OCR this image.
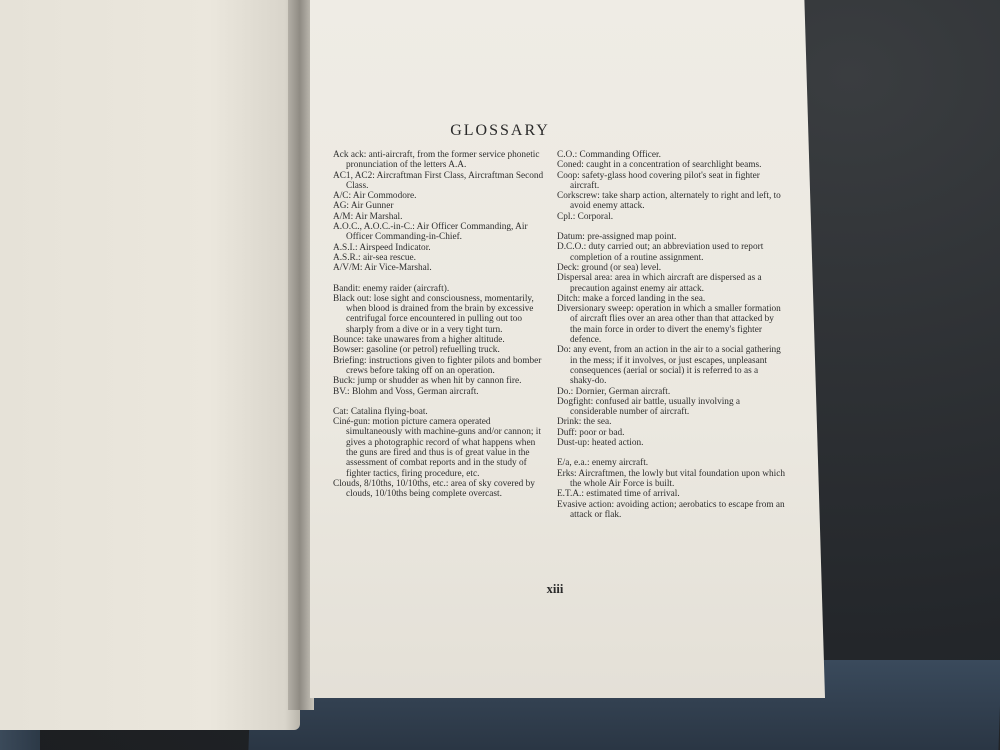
GLOSSARY

Ack ack: anti-aircraft, from the former service phonetic pronunciation of the letters A.A.

AC1, AC2: Aircraftman First Class, Aircraftman Second Class.

A/C: Air Commodore.

AG: Air Gunner

A/M: Air Marshal.

A.O.C., A.O.C.-in-C.: Air Officer Commanding, Air Officer Commanding-in-Chief.

A.S.I.: Airspeed Indicator.

A.S.R.: air-sea rescue.

A/V/M: Air Vice-Marshal.

Bandit: enemy raider (aircraft).

Black out: lose sight and consciousness, momentarily, when blood is drained from the brain by excessive centrifugal force encountered in pulling out too sharply from a dive or in a very tight turn.

Bounce: take unawares from a higher altitude.

Bowser: gasoline (or petrol) refuelling truck.

Briefing: instructions given to fighter pilots and bomber crews before taking off on an operation.

Buck: jump or shudder as when hit by cannon fire.

BV.: Blohm and Voss, German aircraft.

Cat: Catalina flying-boat.

Ciné-gun: motion picture camera operated simultaneously with machine-guns and/or cannon; it gives a photographic record of what happens when the guns are fired and thus is of great value in the assessment of combat reports and in the study of fighter tactics, firing procedure, etc.

Clouds, 8/10ths, 10/10ths, etc.: area of sky covered by clouds, 10/10ths being complete overcast.

C.O.: Commanding Officer.

Coned: caught in a concentration of searchlight beams.

Coop: safety-glass hood covering pilot's seat in fighter aircraft.

Corkscrew: take sharp action, alternately to right and left, to avoid enemy attack.

Cpl.: Corporal.

Datum: pre-assigned map point.

D.C.O.: duty carried out; an abbreviation used to report completion of a routine assignment.

Deck: ground (or sea) level.

Dispersal area: area in which aircraft are dispersed as a precaution against enemy air attack.

Ditch: make a forced landing in the sea.

Diversionary sweep: operation in which a smaller formation of aircraft flies over an area other than that attacked by the main force in order to divert the enemy's fighter defence.

Do: any event, from an action in the air to a social gathering in the mess; if it involves, or just escapes, unpleasant consequences (aerial or social) it is referred to as a shaky-do.

Do.: Dornier, German aircraft.

Dogfight: confused air battle, usually involving a considerable number of aircraft.

Drink: the sea.

Duff: poor or bad.

Dust-up: heated action.

E/a, e.a.: enemy aircraft.

Erks: Aircraftmen, the lowly but vital foundation upon which the whole Air Force is built.

E.T.A.: estimated time of arrival.

Evasive action: avoiding action; aerobatics to escape from an attack or flak.

xiii
